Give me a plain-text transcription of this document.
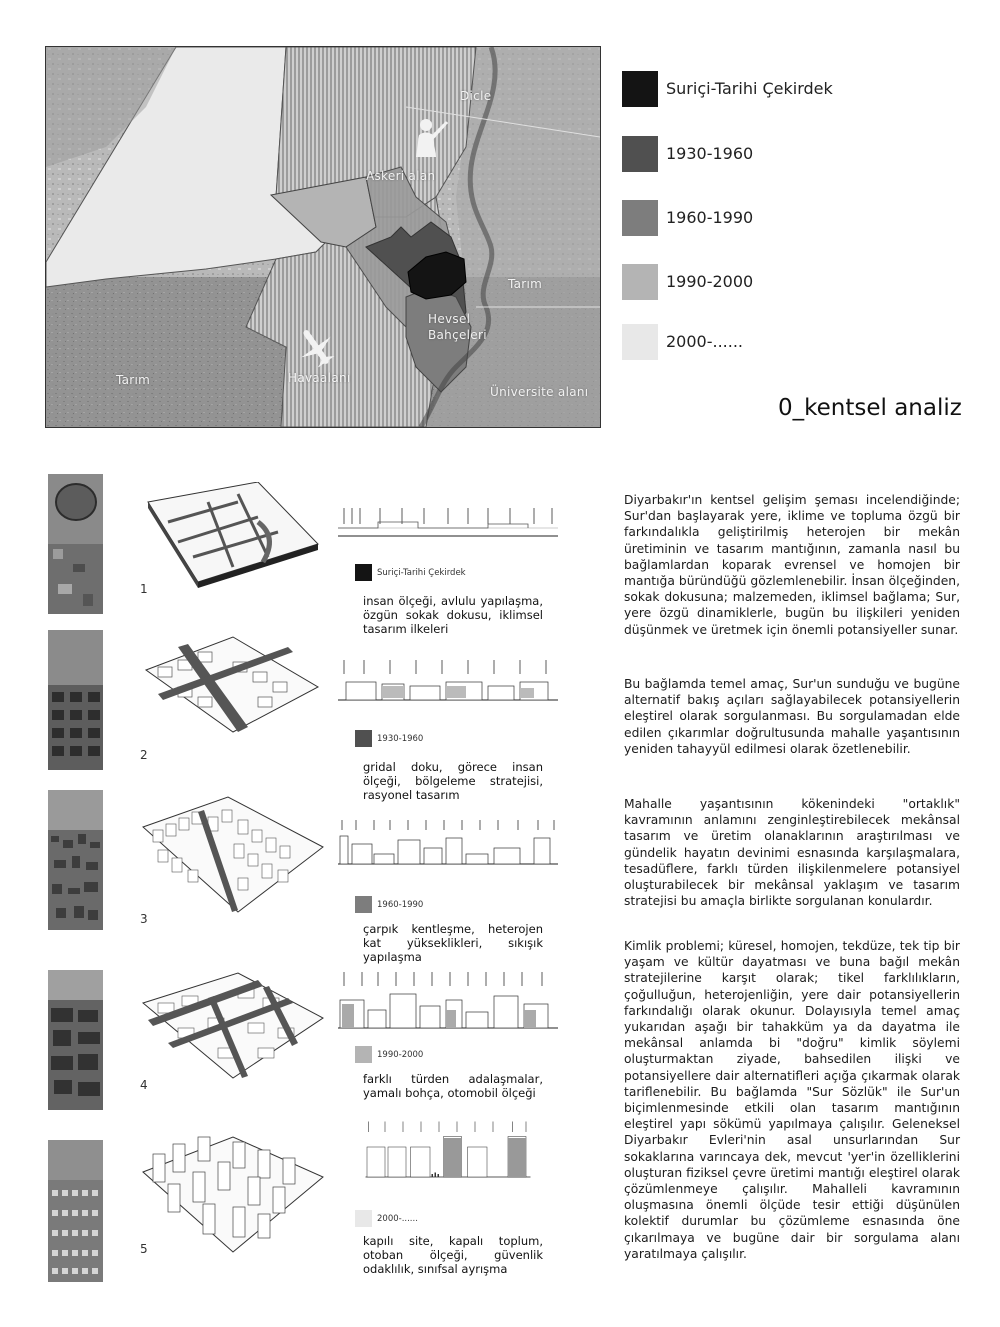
Dicle
Askeri alan
Tarım
Tarım
Hevsel Bahçeleri
Havaalanı
Üniversite alanı
Suriçi-Tarihi Çekirdek
1930-1960
1960-1990
1990-2000
2000-......
0_kentsel analiz
1
Suriçi-Tarihi Çekirdek
insan ölçeği, avlulu yapılaşma, özgün sokak dokusu, iklimsel tasarım ilkeleri
2
1930-1960
gridal doku, görece insan ölçeği, bölgeleme stratejisi, rasyonel tasarım
3
1960-1990
çarpık kentleşme, heterojen kat yükseklikleri, sıkışık yapılaşma
4
1990-2000
farklı türden adalaşmalar, yamalı bohça, otomobil ölçeği
5
2000-......
kapılı site, kapalı toplum, otoban ölçeği, güvenlik odaklılık, sınıfsal ayrışma

Diyarbakır'ın kentsel gelişim şeması incelendiğinde; Sur'dan başlayarak yere, iklime ve topluma özgü bir farkındalıkla geliştirilmiş heterojen bir mekân üretiminin ve tasarım mantığının, zamanla nasıl bu bağlamlardan koparak evrensel ve homojen bir mantığa büründüğü gözlemlenebilir. İnsan ölçeğinden, sokak dokusuna; malzemeden, iklimsel bağlama; Sur, yere özgü dinamiklerle, bugün bu ilişkileri yeniden düşünmek ve üretmek için önemli potansiyeller sunar.

Bu bağlamda temel amaç, Sur'un sunduğu ve bugüne alternatif bakış açıları sağlayabilecek potansiyellerin eleştirel olarak sorgulanması. Bu sorgulamadan elde edilen çıkarımlar doğrultusunda mahalle yaşantısının yeniden tahayyül edilmesi olarak özetlenebilir.

Mahalle yaşantısının kökenindeki "ortaklık" kavramının anlamını zenginleştirebilecek mekânsal tasarım ve üretim olanaklarının araştırılması ve gündelik hayatın devinimi esnasında karşılaşmalara, tesadüflere, farklı türden ilişkilenmelere potansiyel oluşturabilecek bir mekânsal yaklaşım ve tasarım stratejisi bu amaçla birlikte sorgulanan konulardır.

Kimlik problemi; küresel, homojen, tekdüze, tek tip bir yaşam ve kültür dayatması ve buna bağıl mekân stratejilerine karşıt olarak; tikel farklılıkların, çoğulluğun, heterojenliğin, yere dair potansiyellerin farkındalığı olarak okunur. Dolayısıyla temel amaç yukarıdan aşağı bir tahakküm ya da dayatma ile mekânsal anlamda bi "doğru" kimlik söylemi oluşturmaktan ziyade, bahsedilen ilişki ve potansiyellere dair alternatifleri açığa çıkarmak olarak tariflenebilir. Bu bağlamda "Sur Sözlük" ile Sur'un biçimlenmesinde etkili olan tasarım mantığının eleştirel yapı sökümü yapılmaya çalışılır. Geleneksel Diyarbakır Evleri'nin asal unsurlarından Sur sokaklarına varıncaya dek, mevcut 'yer'in özelliklerini oluşturan fiziksel çevre üretimi mantığı eleştirel olarak çözümlenmeye çalışılır. Mahalleli kavramının oluşmasına önemli ölçüde tesir ettiği düşünülen kolektif durumlar bu çözümleme esnasında öne çıkarılmaya ve bugüne dair bir sorgulama alanı yaratılmaya çalışılır.
